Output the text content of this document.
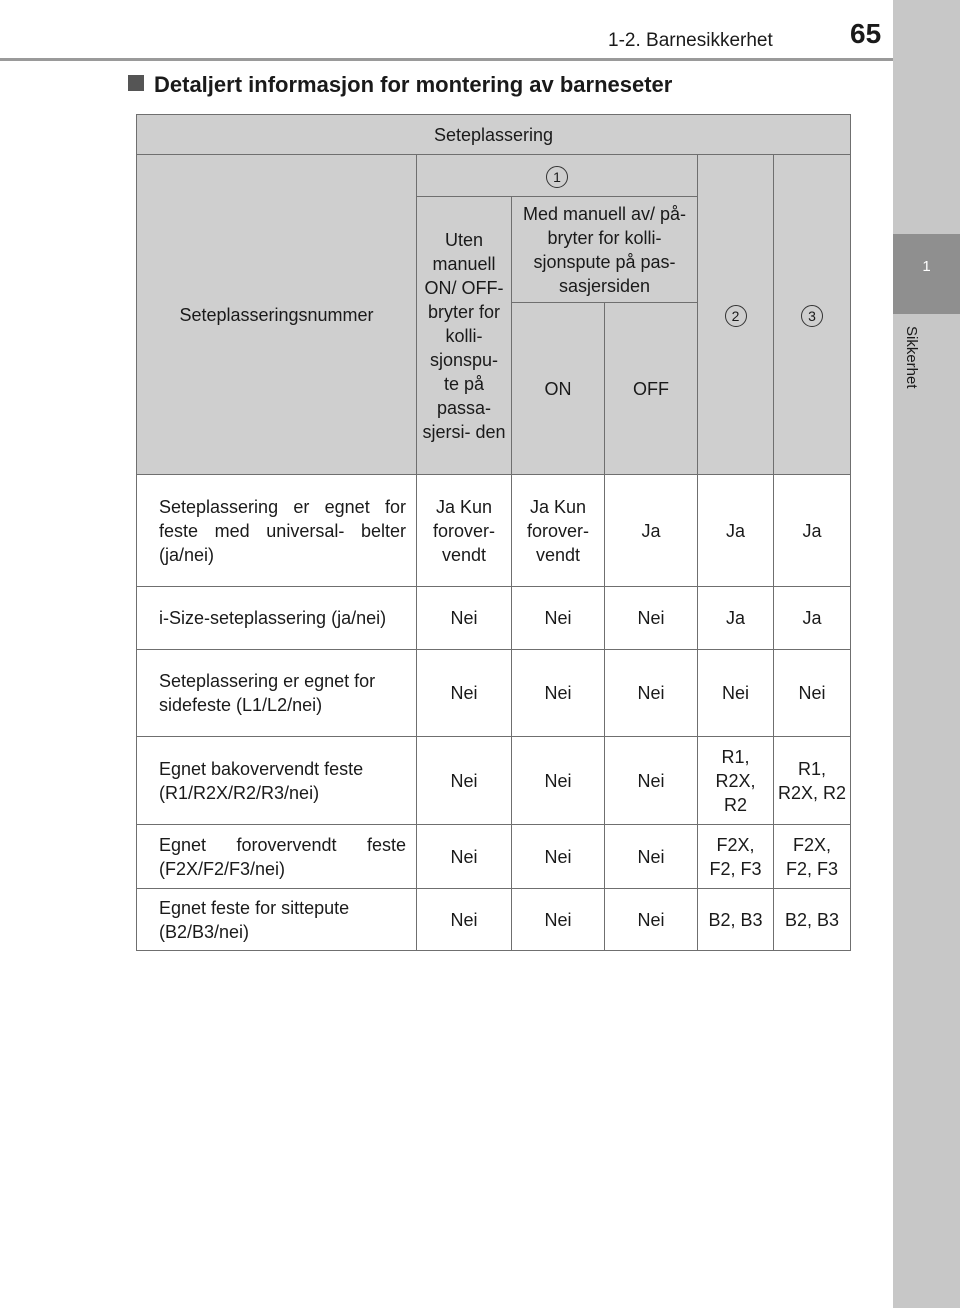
1-2. Barnesikkerhet	65
1
Sikkerhet
Detaljert informasjon for montering av barneseter
Seteplassering					
Seteplasseringsnummer	1			2	3
	Uten manuell ON/ OFF- bryter for kolli- sjonspu- te på passa- sjersi- den	Med manuell av/ på-bryter for kolli- sjonspute på pas- sasjersiden			
		ON	OFF		
Seteplassering er egnet for feste med universal- belter (ja/nei)	Ja Kun forover- vendt	Ja Kun forover- vendt	Ja	Ja	Ja
i-Size-seteplassering (ja/nei)	Nei	Nei	Nei	Ja	Ja
Seteplassering er egnet for sidefeste (L1/L2/nei)	Nei	Nei	Nei	Nei	Nei
Egnet bakovervendt feste (R1/R2X/R2/R3/nei)	Nei	Nei	Nei	R1, R2X, R2	R1, R2X, R2
Egnet forovervendt feste (F2X/F2/F3/nei)	Nei	Nei	Nei	F2X, F2, F3	F2X, F2, F3
Egnet feste for sittepute (B2/B3/nei)	Nei	Nei	Nei	B2, B3	B2, B3
